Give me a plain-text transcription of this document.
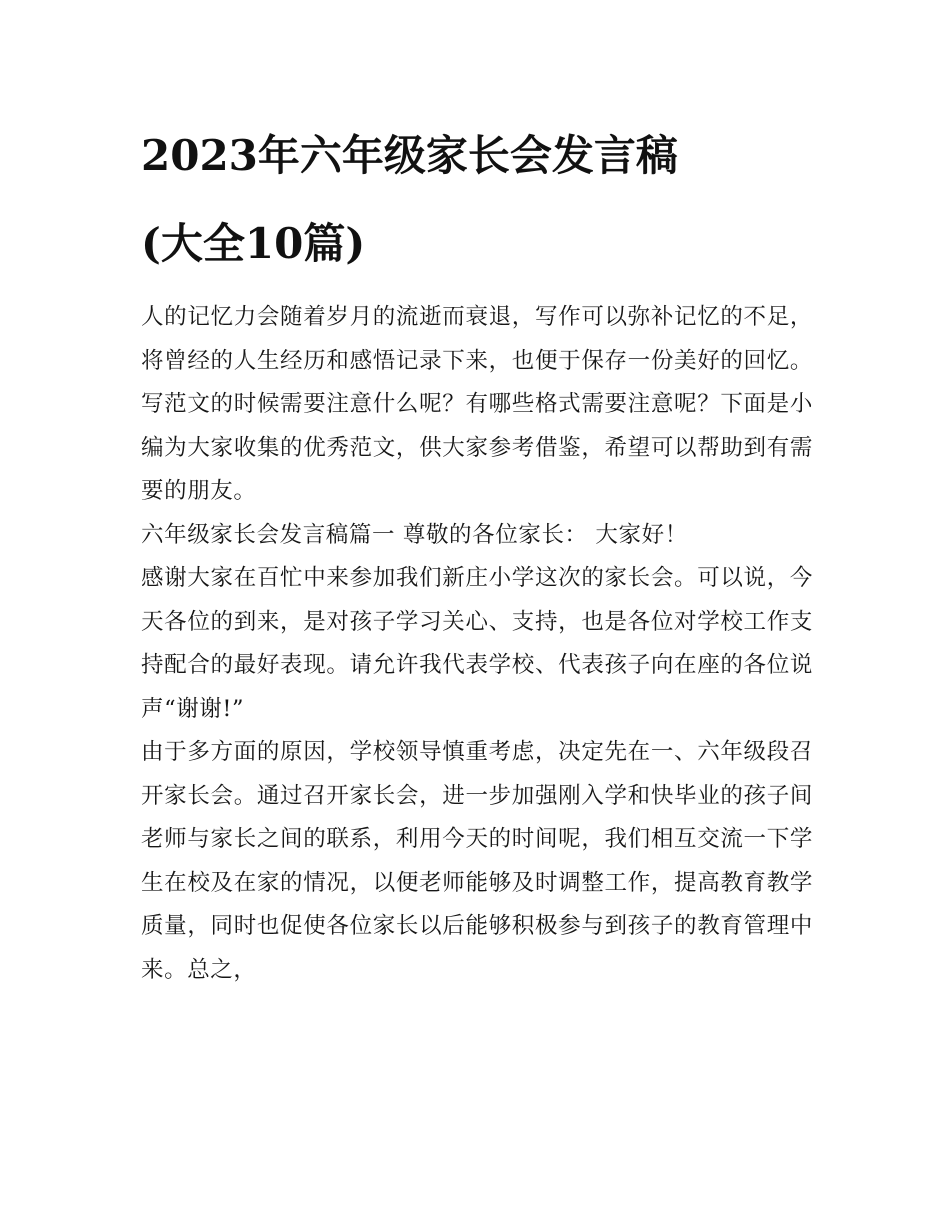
2023年六年级家长会发言稿
(大全10篇)

人的记忆力会随着岁月的流逝而衰退，写作可以弥补记忆的不足，将曾经的人生经历和感悟记录下来，也便于保存一份美好的回忆。写范文的时候需要注意什么呢？有哪些格式需要注意呢？下面是小编为大家收集的优秀范文，供大家参考借鉴，希望可以帮助到有需要的朋友。

六年级家长会发言稿篇一 尊敬的各位家长： 大家好！

感谢大家在百忙中来参加我们新庄小学这次的家长会。可以说，今天各位的到来，是对孩子学习关心、支持，也是各位对学校工作支持配合的最好表现。请允许我代表学校、代表孩子向在座的各位说声“谢谢!”

由于多方面的原因，学校领导慎重考虑，决定先在一、六年级段召开家长会。通过召开家长会，进一步加强刚入学和快毕业的孩子间老师与家长之间的联系，利用今天的时间呢，我们相互交流一下学生在校及在家的情况，以便老师能够及时调整工作，提高教育教学质量，同时也促使各位家长以后能够积极参与到孩子的教育管理中来。总之，
